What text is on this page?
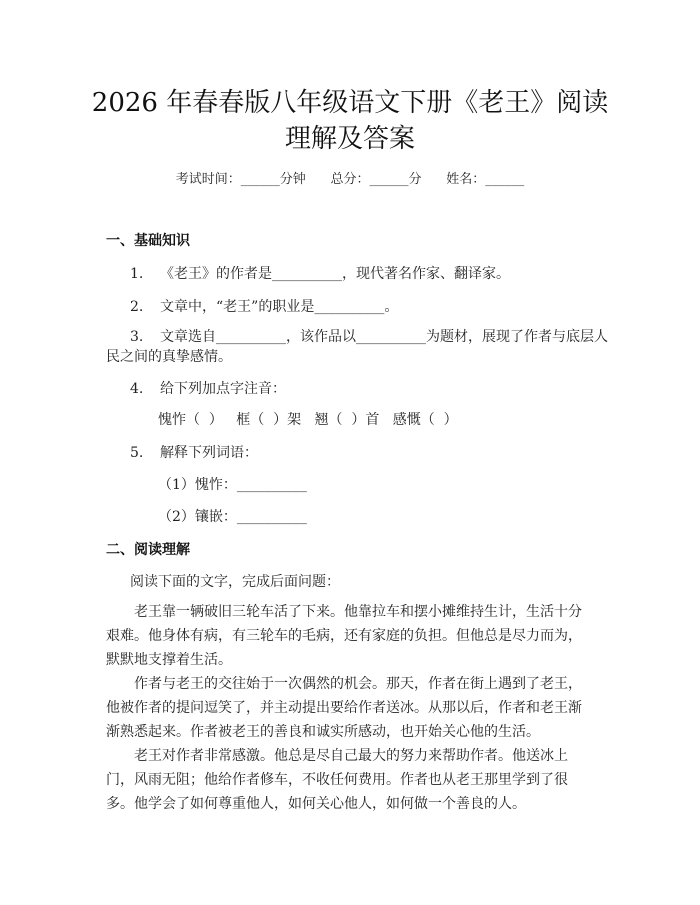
2026 年春春版八年级语文下册《老王》阅读
理解及答案
考试时间：______分钟      总分：______分      姓名：______
一、基础知识
1. 《老王》的作者是__________，现代著名作家、翻译家。
2. 文章中，“老王”的职业是__________。
3. 文章选自__________，该作品以__________为题材，展现了作者与底层人
民之间的真挚感情。
4. 给下列加点字注音：
愧怍（  ）   框（  ）架   翘（  ）首   感慨（  ）
5. 解释下列词语：
（1）愧怍：__________
（2）镶嵌：__________
二、阅读理解
阅读下面的文字，完成后面问题：
老王靠一辆破旧三轮车活了下来。他靠拉车和摆小摊维持生计，生活十分艰难。他身体有病，有三轮车的毛病，还有家庭的负担。但他总是尽力而为，默默地支撑着生活。
作者与老王的交往始于一次偶然的机会。那天，作者在街上遇到了老王，他被作者的提问逗笑了，并主动提出要给作者送冰。从那以后，作者和老王渐渐熟悉起来。作者被老王的善良和诚实所感动，也开始关心他的生活。
老王对作者非常感激。他总是尽自己最大的努力来帮助作者。他送冰上门，风雨无阻；他给作者修车，不收任何费用。作者也从老王那里学到了很多。他学会了如何尊重他人，如何关心他人，如何做一个善良的人。
